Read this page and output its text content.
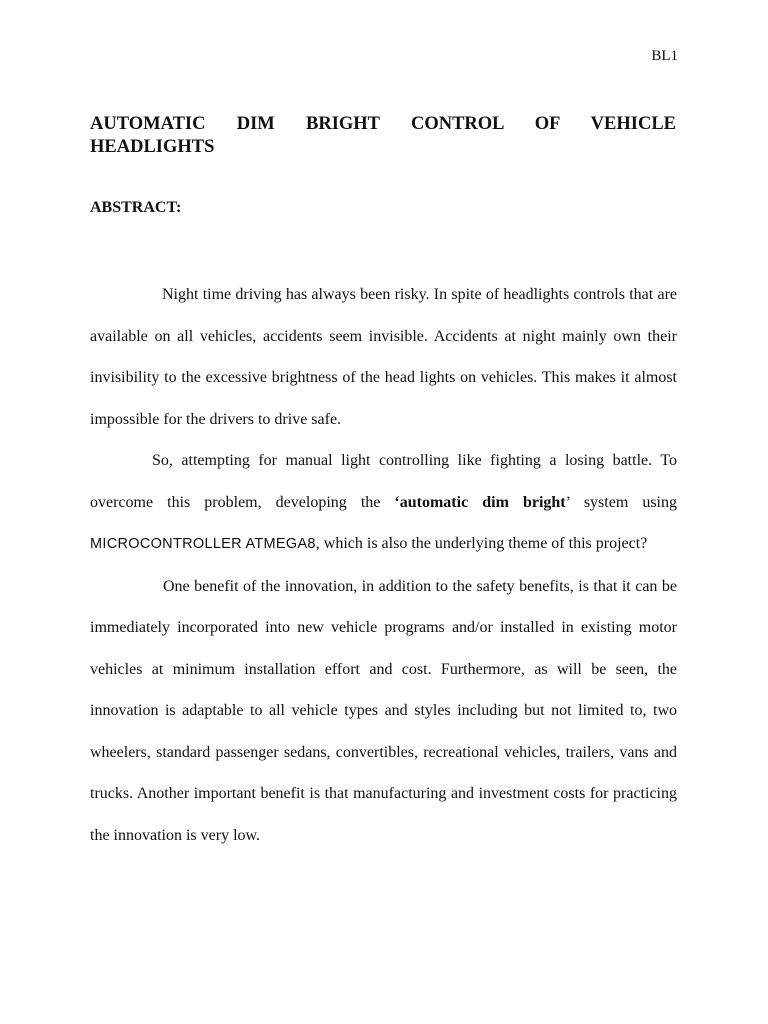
BL1
AUTOMATIC DIM BRIGHT CONTROL OF VEHICLE
HEADLIGHTS
ABSTRACT:

Night time driving has always been risky. In spite of headlights controls that are available on all vehicles, accidents seem invisible. Accidents at night mainly own their invisibility to the excessive brightness of the head lights on vehicles. This makes it almost impossible for the drivers to drive safe.

So, attempting for manual light controlling like fighting a losing battle. To overcome this problem, developing the ‘automatic dim bright’ system using MICROCONTROLLER ATMEGA8, which is also the underlying theme of this project?

One benefit of the innovation, in addition to the safety benefits, is that it can be immediately incorporated into new vehicle programs and/or installed in existing motor vehicles at minimum installation effort and cost. Furthermore, as will be seen, the innovation is adaptable to all vehicle types and styles including but not limited to, two wheelers, standard passenger sedans, convertibles, recreational vehicles, trailers, vans and trucks. Another important benefit is that manufacturing and investment costs for practicing the innovation is very low.
